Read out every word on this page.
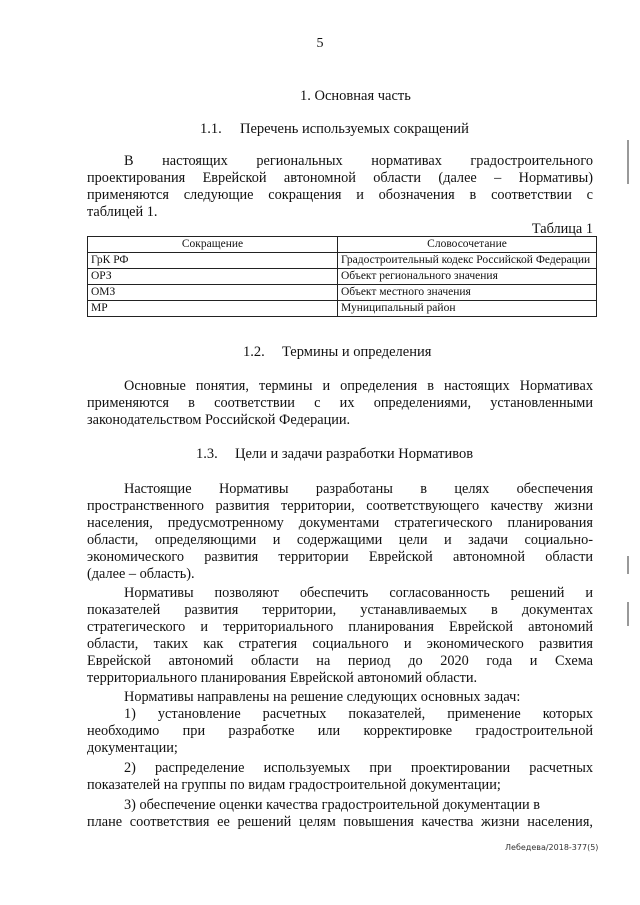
5
1. Основная часть
1.1. Перечень используемых сокращений
В настоящих региональных нормативах градостроительного
проектирования Еврейской автономной области (далее – Нормативы)
применяются следующие сокращения и обозначения в соответствии с
таблицей 1.
Таблица 1
Сокращение	Словосочетание
ГрК РФ	Градостроительный кодекс Российской Федерации
ОРЗ	Объект регионального значения
ОМЗ	Объект местного значения
МР	Муниципальный район
1.2. Термины и определения
Основные понятия, термины и определения в настоящих Нормативах
применяются в соответствии с их определениями, установленными
законодательством Российской Федерации.
1.3. Цели и задачи разработки Нормативов
Настоящие Нормативы разработаны в целях обеспечения
пространственного развития территории, соответствующего качеству жизни
населения, предусмотренному документами стратегического планирования
области, определяющими и содержащими цели и задачи социально-
экономического развития территории Еврейской автономной области
(далее – область).
Нормативы позволяют обеспечить согласованность решений и
показателей развития территории, устанавливаемых в документах
стратегического и территориального планирования Еврейской автономий
области, таких как стратегия социального и экономического развития
Еврейской автономий области на период до 2020 года и Схема
территориального планирования Еврейской автономий области.
Нормативы направлены на решение следующих основных задач:
1) установление расчетных показателей, применение которых
необходимо при разработке или корректировке градостроительной
документации;
2) распределение используемых при проектировании расчетных
показателей на группы по видам градостроительной документации;
3) обеспечение оценки качества градостроительной документации в
плане соответствия ее решений целям повышения качества жизни населения,
Лебедева/2018-377(5)
